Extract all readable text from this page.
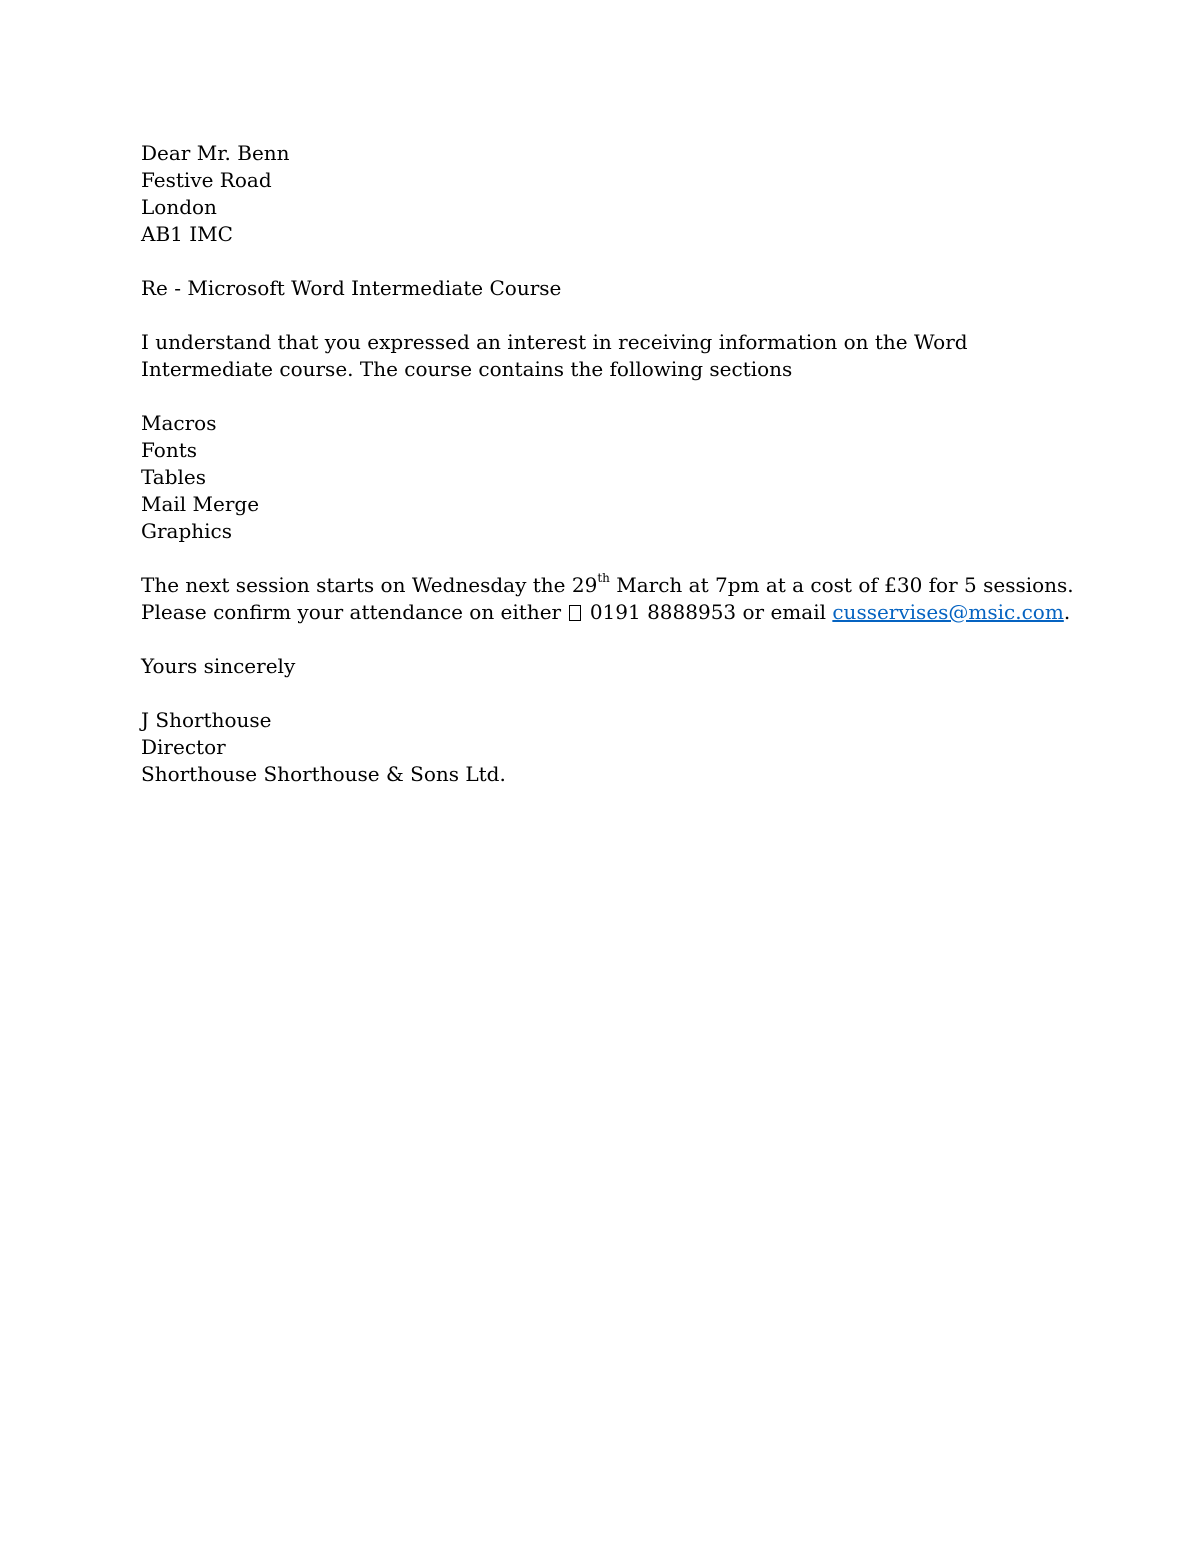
Dear Mr. Benn
Festive Road
London
AB1 IMC
Re - Microsoft Word Intermediate Course
I understand that you expressed an interest in receiving information on the Word
Intermediate course. The course contains the following sections
Macros
Fonts
Tables
Mail Merge
Graphics
The next session starts on Wednesday the 29th March at 7pm at a cost of £30 for 5 sessions.
Please confirm your attendance on either  0191 8888953 or email cusservises@msic.com.
Yours sincerely
J Shorthouse
Director
Shorthouse Shorthouse & Sons Ltd.
